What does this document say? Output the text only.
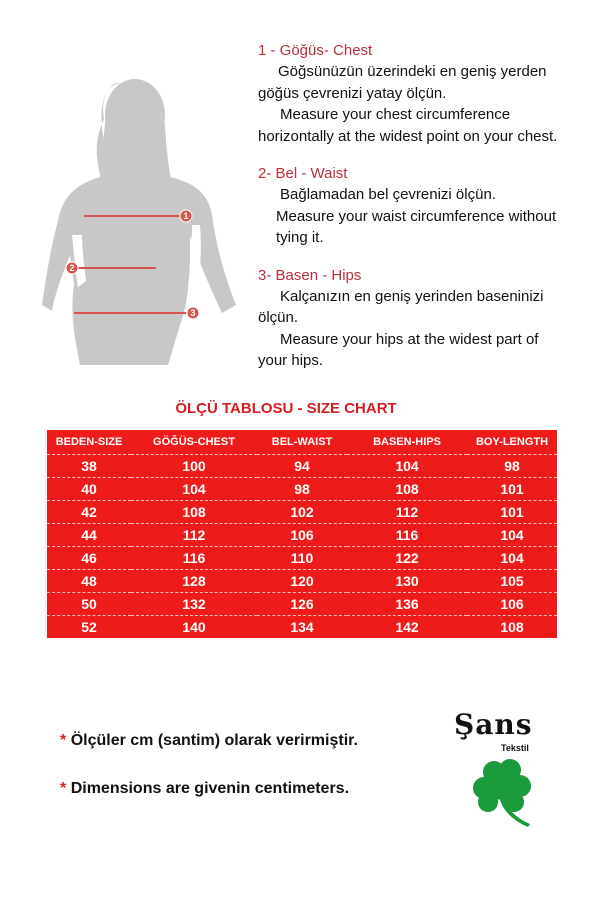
1
2
3
1 - Göğüs- Chest
Göğsünüzün üzerindeki en geniş yerden
göğüs çevrenizi yatay ölçün.
Measure your chest circumference
horizontally at the widest point on your chest.
2- Bel - Waist
Bağlamadan bel çevrenizi ölçün.
Measure your waist circumference without
tying it.
3- Basen - Hips
Kalçanızın en geniş yerinden baseninizi
ölçün.
Measure your hips at the widest part of
your hips.
ÖLÇÜ TABLOSU - SIZE CHART
BEDEN-SIZE	GÖĞÜS-CHEST	BEL-WAIST	BASEN-HIPS	BOY-LENGTH
38	100	94	104	98
40	104	98	108	101
42	108	102	112	101
44	112	106	116	104
46	116	110	122	104
48	128	120	130	105
50	132	126	136	106
52	140	134	142	108
* Ölçüler cm (santim) olarak verirmiştir.
* Dimensions are givenin centimeters.
Şans
Tekstil
